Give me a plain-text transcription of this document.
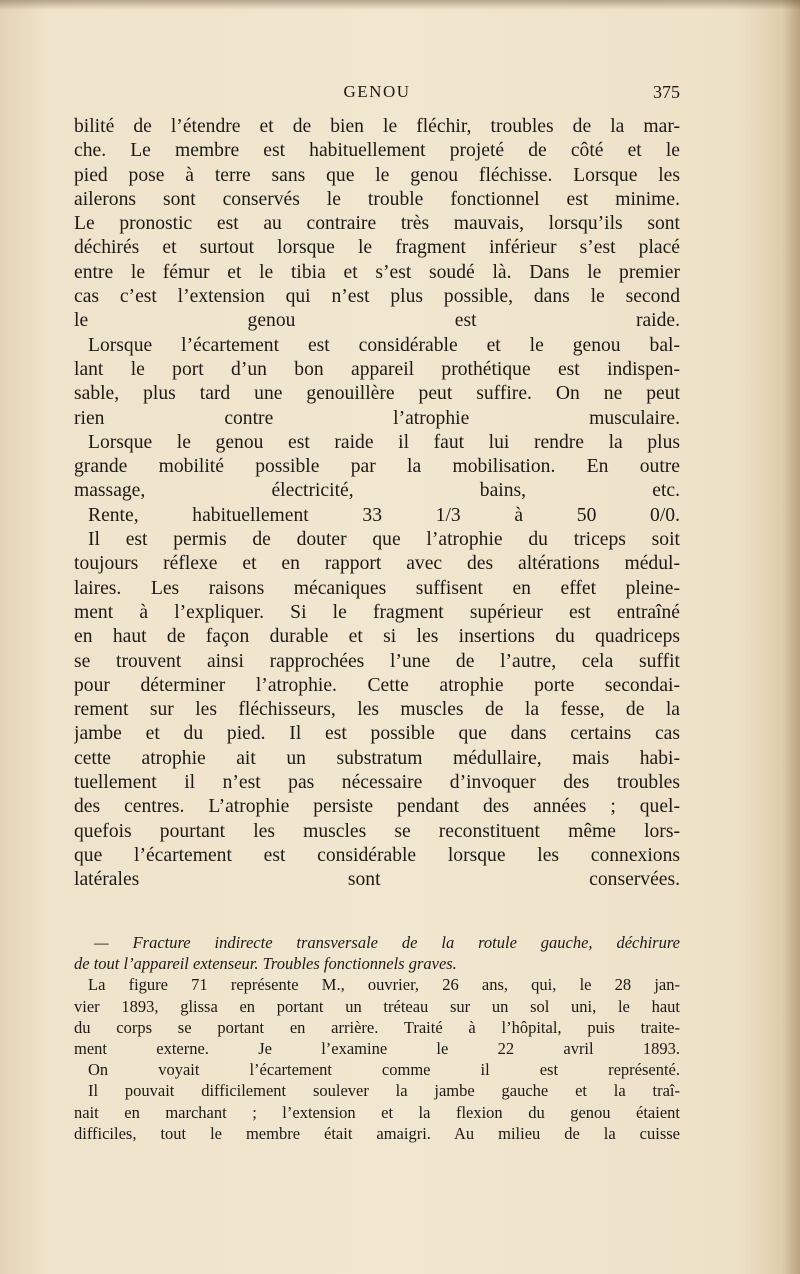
GENOU	375
bilité de l’étendre et de bien le fléchir, troubles de la mar-
che. Le membre est habituellement projeté de côté et le
pied pose à terre sans que le genou fléchisse. Lorsque les
ailerons sont conservés le trouble fonctionnel est minime.
Le pronostic est au contraire très mauvais, lorsqu’ils sont
déchirés et surtout lorsque le fragment inférieur s’est placé
entre le fémur et le tibia et s’est soudé là. Dans le premier
cas c’est l’extension qui n’est plus possible, dans le second
le genou est raide.
Lorsque l’écartement est considérable et le genou bal-
lant le port d’un bon appareil prothétique est indispen-
sable, plus tard une genouillère peut suffire. On ne peut
rien contre l’atrophie musculaire.
Lorsque le genou est raide il faut lui rendre la plus
grande mobilité possible par la mobilisation. En outre
massage, électricité, bains, etc.
Rente, habituellement 33 1/3 à 50 0/0.
Il est permis de douter que l’atrophie du triceps soit
toujours réflexe et en rapport avec des altérations médul-
laires. Les raisons mécaniques suffisent en effet pleine-
ment à l’expliquer. Si le fragment supérieur est entraîné
en haut de façon durable et si les insertions du quadriceps
se trouvent ainsi rapprochées l’une de l’autre, cela suffit
pour déterminer l’atrophie. Cette atrophie porte secondai-
rement sur les fléchisseurs, les muscles de la fesse, de la
jambe et du pied. Il est possible que dans certains cas
cette atrophie ait un substratum médullaire, mais habi-
tuellement il n’est pas nécessaire d’invoquer des troubles
des centres. L’atrophie persiste pendant des années ; quel-
quefois pourtant les muscles se reconstituent même lors-
que l’écartement est considérable lorsque les connexions
latérales sont conservées.
— Fracture indirecte transversale de la rotule gauche, déchirure
de tout l’appareil extenseur. Troubles fonctionnels graves.
La figure 71 représente M., ouvrier, 26 ans, qui, le 28 jan-
vier 1893, glissa en portant un tréteau sur un sol uni, le haut
du corps se portant en arrière. Traité à l’hôpital, puis traite-
ment externe. Je l’examine le 22 avril 1893.
On voyait l’écartement comme il est représenté.
Il pouvait difficilement soulever la jambe gauche et la traî-
nait en marchant ; l’extension et la flexion du genou étaient
difficiles, tout le membre était amaigri. Au milieu de la cuisse
